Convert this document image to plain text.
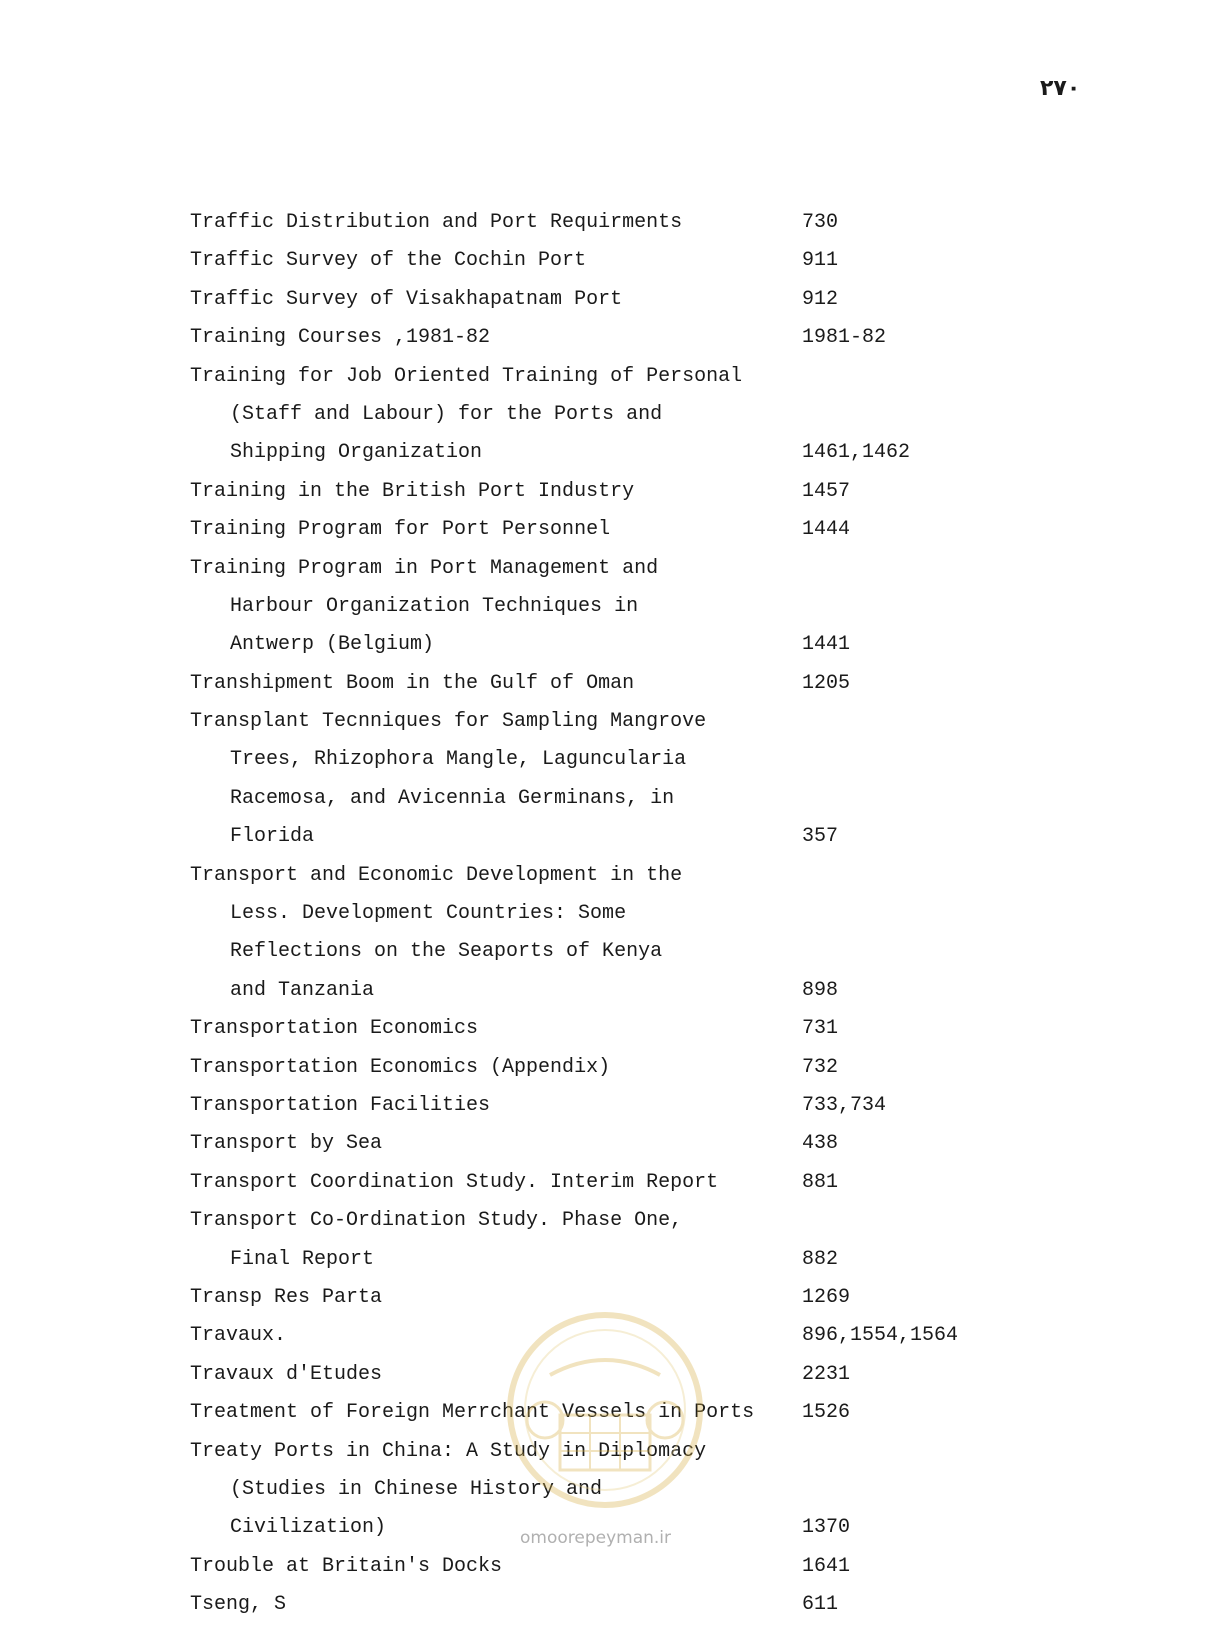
۲۷۰
Traffic Distribution and Port Requirments	730
Traffic Survey of the Cochin Port	911
Traffic Survey of Visakhapatnam Port	912
Training Courses ,1981-82	1981-82
Training for Job Oriented Training of Personal
(Staff and Labour) for the Ports and
Shipping Organization	1461,1462
Training in the British Port Industry	1457
Training Program for Port Personnel	1444
Training Program in Port Management and
Harbour Organization Techniques in
Antwerp (Belgium)	1441
Transhipment Boom in the Gulf of Oman	1205
Transplant Tecnniques for Sampling Mangrove
Trees, Rhizophora Mangle, Laguncularia
Racemosa, and Avicennia Germinans, in
Florida	357
Transport and Economic Development in the
Less. Development Countries: Some
Reflections on the Seaports of Kenya
and Tanzania	898
Transportation Economics	731
Transportation Economics (Appendix)	732
Transportation Facilities	733,734
Transport by Sea	438
Transport Coordination Study. Interim Report	881
Transport Co-Ordination Study. Phase One,
Final Report	882
Transp Res Parta	1269
Travaux.	896,1554,1564
Travaux d'Etudes	2231
Treatment of Foreign Merrchant Vessels in Ports 1526
Treaty Ports in China: A Study in Diplomacy
(Studies in Chinese History and
Civilization)	1370
Trouble at Britain's Docks	1641
Tseng, S	611
omoorepeyman.ir
